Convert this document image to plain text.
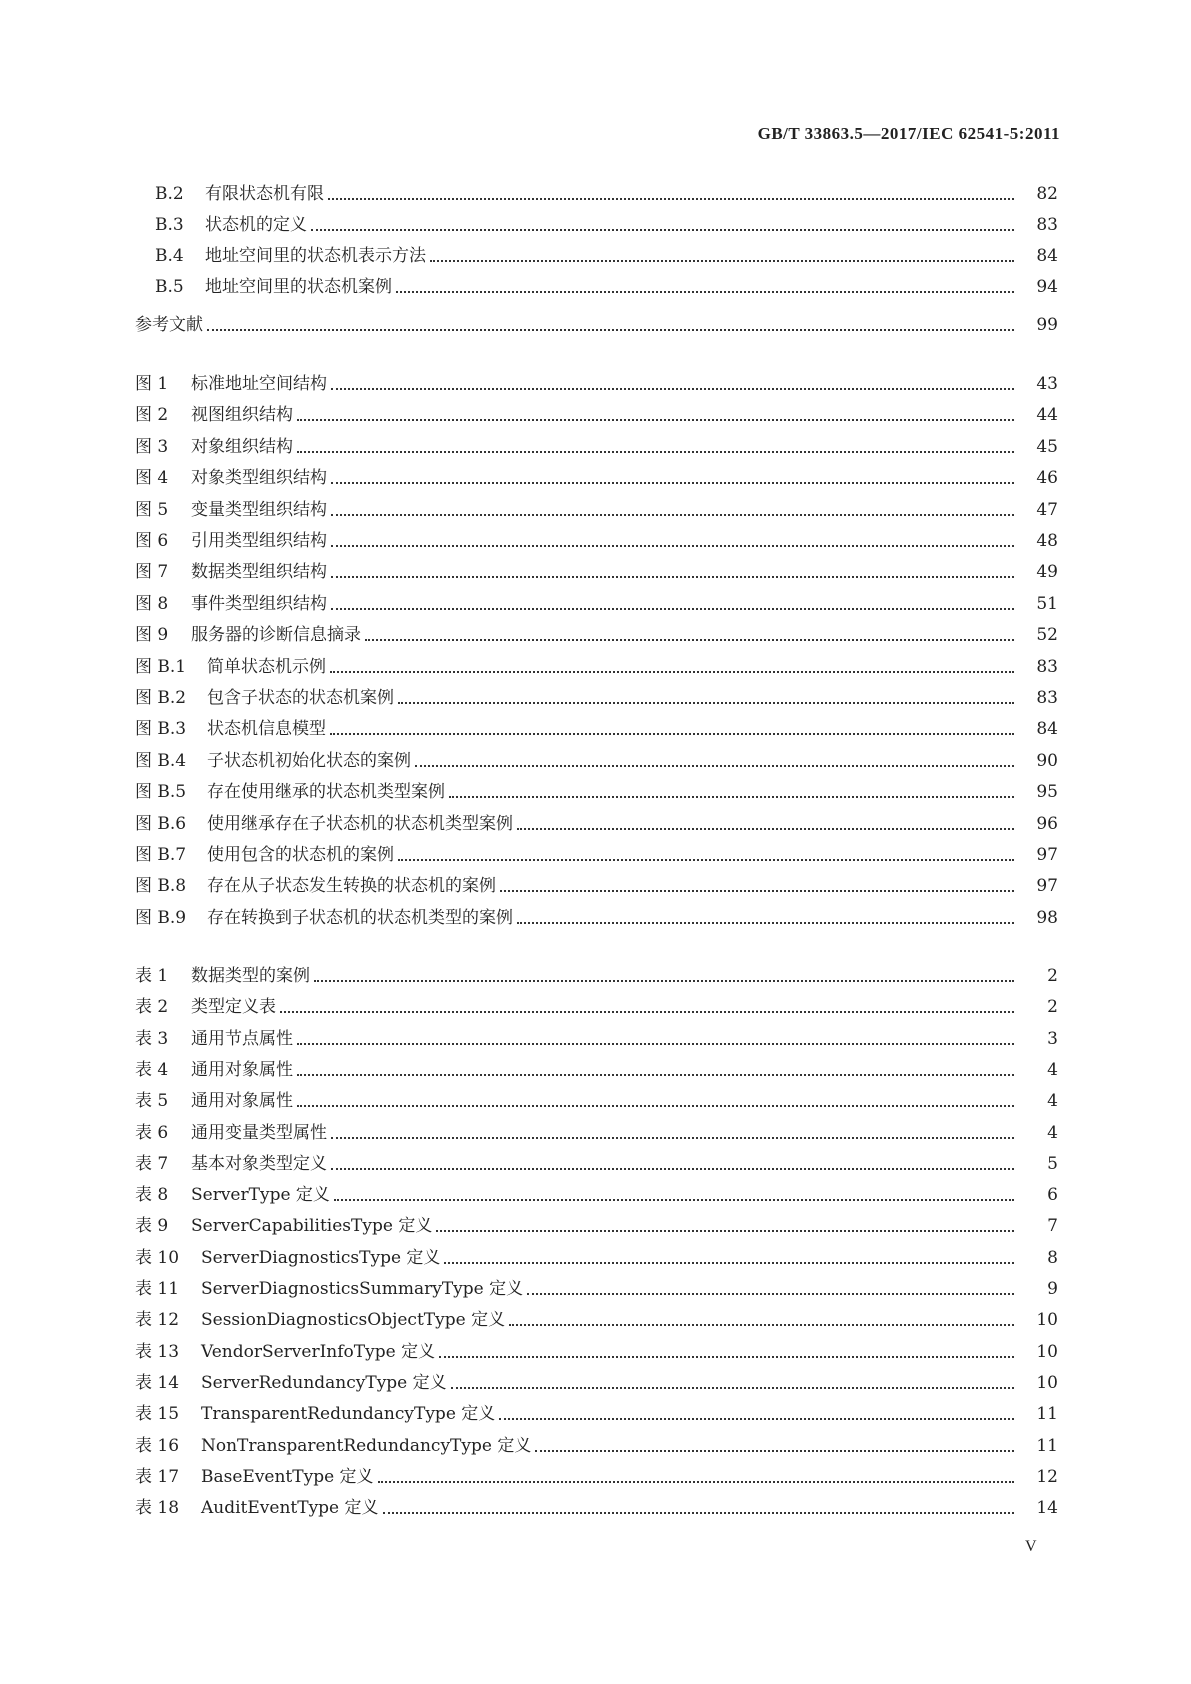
GB/T 33863.5—2017/IEC 62541-5:2011
B.2	有限状态机有限	82
B.3	状态机的定义	83
B.4	地址空间里的状态机表示方法	84
B.5	地址空间里的状态机案例	94
参考文献	99
图 1	标准地址空间结构	43
图 2	视图组织结构	44
图 3	对象组织结构	45
图 4	对象类型组织结构	46
图 5	变量类型组织结构	47
图 6	引用类型组织结构	48
图 7	数据类型组织结构	49
图 8	事件类型组织结构	51
图 9	服务器的诊断信息摘录	52
图 B.1	简单状态机示例	83
图 B.2	包含子状态的状态机案例	83
图 B.3	状态机信息模型	84
图 B.4	子状态机初始化状态的案例	90
图 B.5	存在使用继承的状态机类型案例	95
图 B.6	使用继承存在子状态机的状态机类型案例	96
图 B.7	使用包含的状态机的案例	97
图 B.8	存在从子状态发生转换的状态机的案例	97
图 B.9	存在转换到子状态机的状态机类型的案例	98
表 1	数据类型的案例	2
表 2	类型定义表	2
表 3	通用节点属性	3
表 4	通用对象属性	4
表 5	通用对象属性	4
表 6	通用变量类型属性	4
表 7	基本对象类型定义	5
表 8	ServerType 定义	6
表 9	ServerCapabilitiesType 定义	7
表 10	ServerDiagnosticsType 定义	8
表 11	ServerDiagnosticsSummaryType 定义	9
表 12	SessionDiagnosticsObjectType 定义	10
表 13	VendorServerInfoType 定义	10
表 14	ServerRedundancyType 定义	10
表 15	TransparentRedundancyType 定义	11
表 16	NonTransparentRedundancyType 定义	11
表 17	BaseEventType 定义	12
表 18	AuditEventType 定义	14
V
